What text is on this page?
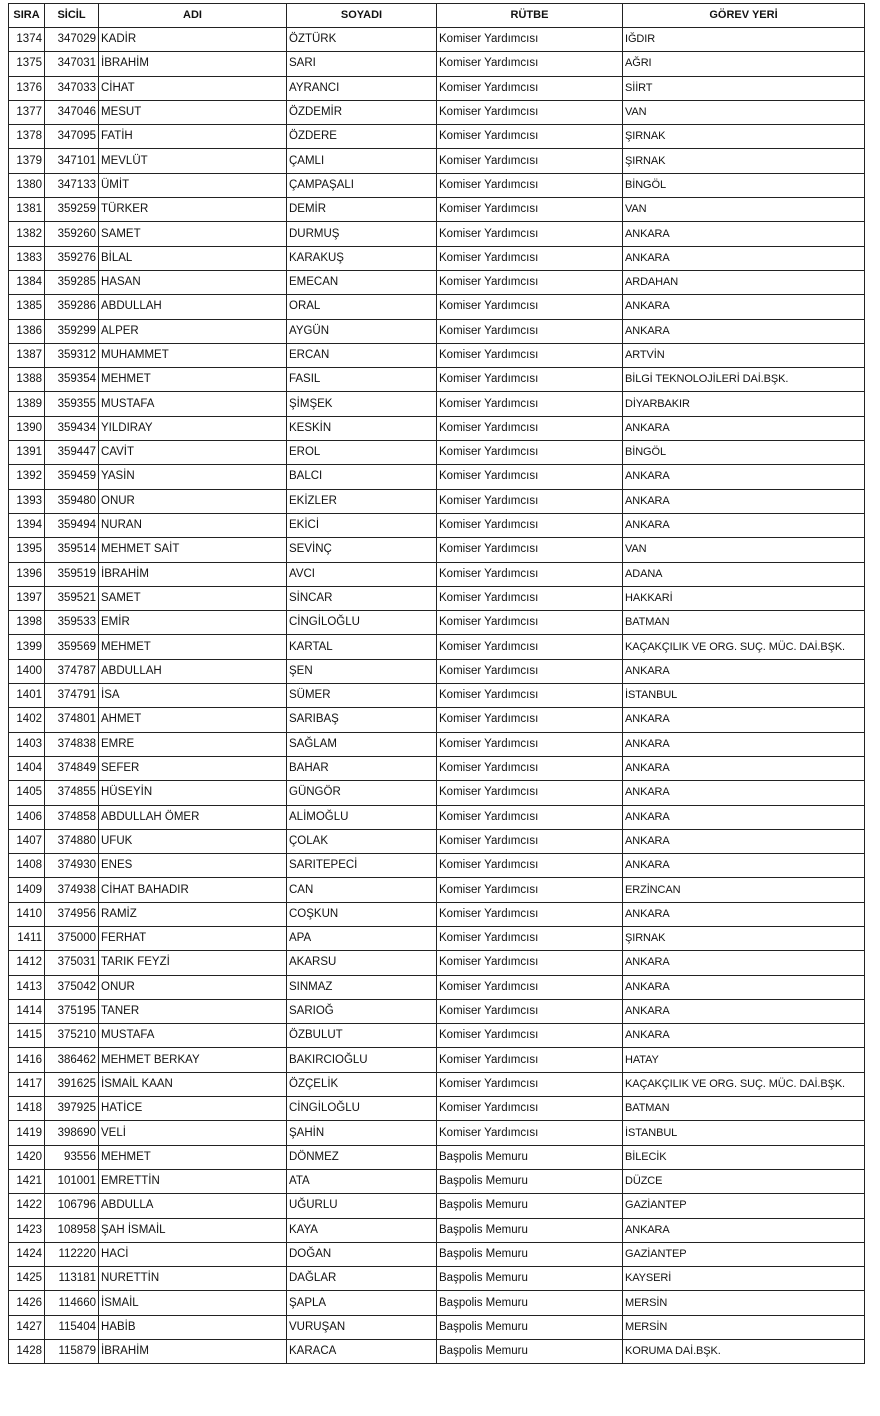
SIRA	SİCİL	ADI	SOYADI	RÜTBE	GÖREV YERİ
1374	347029	KADİR	ÖZTÜRK	Komiser Yardımcısı	IĞDIR
1375	347031	İBRAHİM	SARI	Komiser Yardımcısı	AĞRI
1376	347033	CİHAT	AYRANCI	Komiser Yardımcısı	SİİRT
1377	347046	MESUT	ÖZDEMİR	Komiser Yardımcısı	VAN
1378	347095	FATİH	ÖZDERE	Komiser Yardımcısı	ŞIRNAK
1379	347101	MEVLÜT	ÇAMLI	Komiser Yardımcısı	ŞIRNAK
1380	347133	ÜMİT	ÇAMPAŞALI	Komiser Yardımcısı	BİNGÖL
1381	359259	TÜRKER	DEMİR	Komiser Yardımcısı	VAN
1382	359260	SAMET	DURMUŞ	Komiser Yardımcısı	ANKARA
1383	359276	BİLAL	KARAKUŞ	Komiser Yardımcısı	ANKARA
1384	359285	HASAN	EMECAN	Komiser Yardımcısı	ARDAHAN
1385	359286	ABDULLAH	ORAL	Komiser Yardımcısı	ANKARA
1386	359299	ALPER	AYGÜN	Komiser Yardımcısı	ANKARA
1387	359312	MUHAMMET	ERCAN	Komiser Yardımcısı	ARTVİN
1388	359354	MEHMET	FASIL	Komiser Yardımcısı	BİLGİ TEKNOLOJİLERİ DAİ.BŞK.
1389	359355	MUSTAFA	ŞİMŞEK	Komiser Yardımcısı	DİYARBAKIR
1390	359434	YILDIRAY	KESKİN	Komiser Yardımcısı	ANKARA
1391	359447	CAVİT	EROL	Komiser Yardımcısı	BİNGÖL
1392	359459	YASİN	BALCI	Komiser Yardımcısı	ANKARA
1393	359480	ONUR	EKİZLER	Komiser Yardımcısı	ANKARA
1394	359494	NURAN	EKİCİ	Komiser Yardımcısı	ANKARA
1395	359514	MEHMET SAİT	SEVİNÇ	Komiser Yardımcısı	VAN
1396	359519	İBRAHİM	AVCI	Komiser Yardımcısı	ADANA
1397	359521	SAMET	SİNCAR	Komiser Yardımcısı	HAKKARİ
1398	359533	EMİR	CİNGİLOĞLU	Komiser Yardımcısı	BATMAN
1399	359569	MEHMET	KARTAL	Komiser Yardımcısı	KAÇAKÇILIK VE ORG. SUÇ. MÜC. DAİ.BŞK.
1400	374787	ABDULLAH	ŞEN	Komiser Yardımcısı	ANKARA
1401	374791	İSA	SÜMER	Komiser Yardımcısı	İSTANBUL
1402	374801	AHMET	SARIBAŞ	Komiser Yardımcısı	ANKARA
1403	374838	EMRE	SAĞLAM	Komiser Yardımcısı	ANKARA
1404	374849	SEFER	BAHAR	Komiser Yardımcısı	ANKARA
1405	374855	HÜSEYİN	GÜNGÖR	Komiser Yardımcısı	ANKARA
1406	374858	ABDULLAH ÖMER	ALİMOĞLU	Komiser Yardımcısı	ANKARA
1407	374880	UFUK	ÇOLAK	Komiser Yardımcısı	ANKARA
1408	374930	ENES	SARITEPECİ	Komiser Yardımcısı	ANKARA
1409	374938	CİHAT BAHADIR	CAN	Komiser Yardımcısı	ERZİNCAN
1410	374956	RAMİZ	COŞKUN	Komiser Yardımcısı	ANKARA
1411	375000	FERHAT	APA	Komiser Yardımcısı	ŞIRNAK
1412	375031	TARIK FEYZİ	AKARSU	Komiser Yardımcısı	ANKARA
1413	375042	ONUR	SINMAZ	Komiser Yardımcısı	ANKARA
1414	375195	TANER	SARIOĞ	Komiser Yardımcısı	ANKARA
1415	375210	MUSTAFA	ÖZBULUT	Komiser Yardımcısı	ANKARA
1416	386462	MEHMET BERKAY	BAKIRCIOĞLU	Komiser Yardımcısı	HATAY
1417	391625	İSMAİL KAAN	ÖZÇELİK	Komiser Yardımcısı	KAÇAKÇILIK VE ORG. SUÇ. MÜC. DAİ.BŞK.
1418	397925	HATİCE	CİNGİLOĞLU	Komiser Yardımcısı	BATMAN
1419	398690	VELİ	ŞAHİN	Komiser Yardımcısı	İSTANBUL
1420	93556	MEHMET	DÖNMEZ	Başpolis Memuru	BİLECİK
1421	101001	EMRETTİN	ATA	Başpolis Memuru	DÜZCE
1422	106796	ABDULLA	UĞURLU	Başpolis Memuru	GAZİANTEP
1423	108958	ŞAH İSMAİL	KAYA	Başpolis Memuru	ANKARA
1424	112220	HACİ	DOĞAN	Başpolis Memuru	GAZİANTEP
1425	113181	NURETTİN	DAĞLAR	Başpolis Memuru	KAYSERİ
1426	114660	İSMAİL	ŞAPLA	Başpolis Memuru	MERSİN
1427	115404	HABİB	VURUŞAN	Başpolis Memuru	MERSİN
1428	115879	İBRAHİM	KARACA	Başpolis Memuru	KORUMA DAİ.BŞK.
